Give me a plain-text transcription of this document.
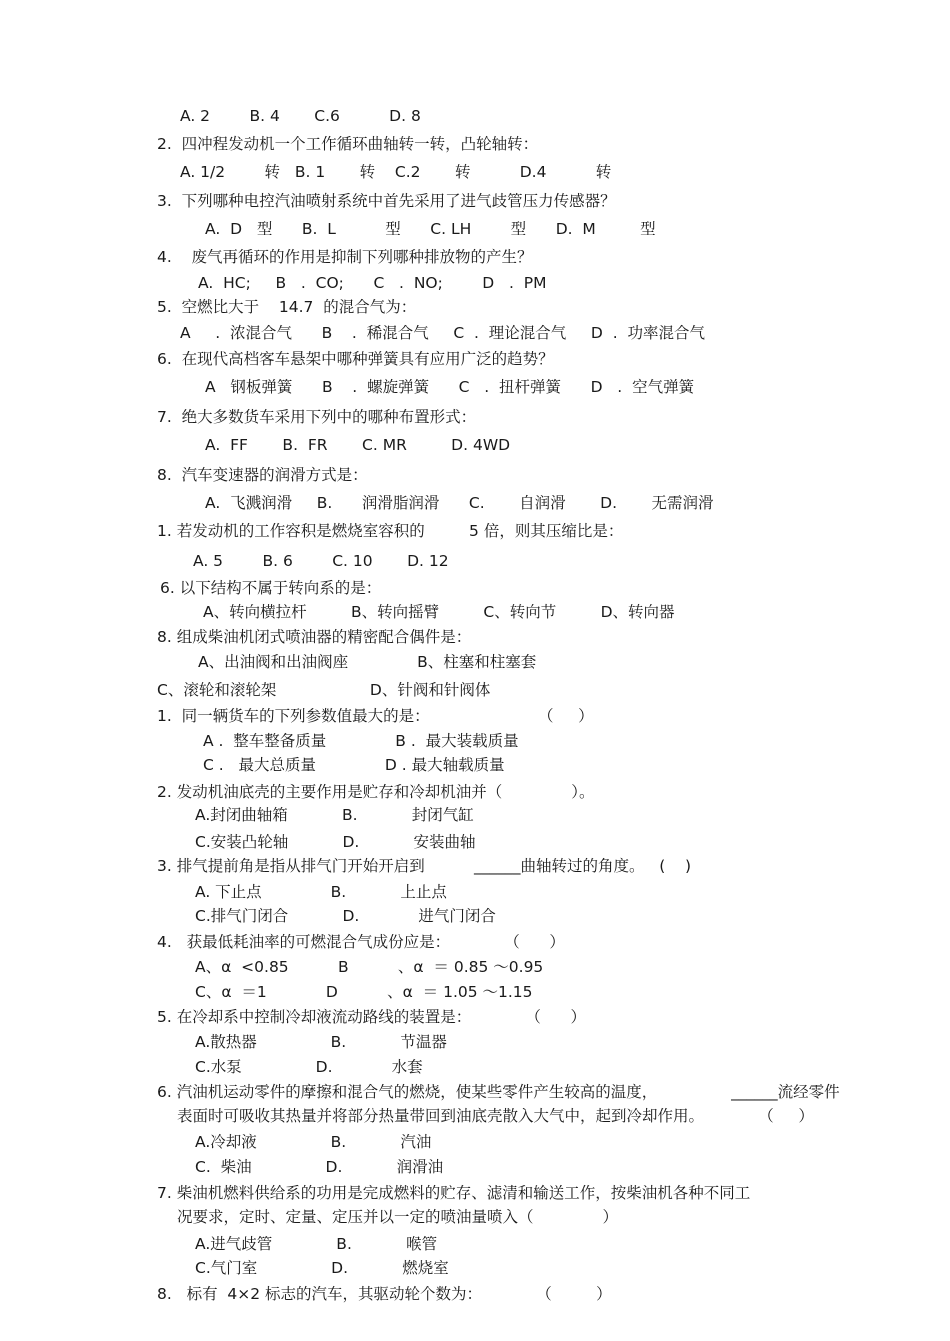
A. 2        B. 4       C.6          D. 8
2.  四冲程发动机一个工作循环曲轴转一转，凸轮轴转：
A. 1/2        转   B. 1       转    C.2       转          D.4          转
3.  下列哪种电控汽油喷射系统中首先采用了进气歧管压力传感器？
A.  D   型      B.  L          型      C. LH        型      D.  M         型
4.    废气再循环的作用是抑制下列哪种排放物的产生？
A.  HC;     B   .  CO;      C   .  NO;        D   .  PM
5.  空燃比大于    14.7  的混合气为：
A     .  浓混合气      B    .  稀混合气     C  .  理论混合气     D  .  功率混合气
6.  在现代高档客车悬架中哪种弹簧具有应用广泛的趋势？
A   钢板弹簧      B    .  螺旋弹簧      C   .  扭杆弹簧      D   .  空气弹簧
7.  绝大多数货车采用下列中的哪种布置形式：
A.  FF       B.  FR       C. MR         D. 4WD
8.  汽车变速器的润滑方式是：
A.  飞溅润滑     B.      润滑脂润滑      C.       自润滑       D.       无需润滑
1. 若发动机的工作容积是燃烧室容积的         5 倍，则其压缩比是：
A. 5        B. 6        C. 10       D. 12
6. 以下结构不属于转向系的是：
A、转向横拉杆         B、转向摇臂         C、转向节         D、转向器
8. 组成柴油机闭式喷油器的精密配合偶件是：
A、出油阀和出油阀座              B、柱塞和柱塞套
C、滚轮和滚轮架                   D、针阀和针阀体
1.  同一辆货车的下列参数值最大的是：                      （     ）
A .  整车整备质量              B .  最大装载质量
C .   最大总质量              D . 最大轴载质量
2. 发动机油底壳的主要作用是贮存和冷却机油并（              ）。
A.封闭曲轴箱           B.           封闭气缸
C.安装凸轮轴           D.           安装曲轴
3. 排气提前角是指从排气门开始开启到          ______曲轴转过的角度。   (    )
A. 下止点              B.           上止点
C.排气门闭合           D.            进气门闭合
4.   获最低耗油率的可燃混合气成份应是：           （      ）
A、α  <0.85          B          、α  ＝ 0.85 ～0.95
C、α  ＝1            D          、α  ＝ 1.05 ～1.15
5. 在冷却系中控制冷却液流动路线的装置是：           （      ）
A.散热器               B.           节温器
C.水泵               D.            水套
6. 汽油机运动零件的摩擦和混合气的燃烧，使某些零件产生较高的温度，               ______流经零件
表面时可吸收其热量并将部分热量带回到油底壳散入大气中，起到冷却作用。           （     ）
A.冷却液               B.           汽油
C.  柴油               D.           润滑油
7. 柴油机燃料供给系的功用是完成燃料的贮存、滤清和输送工作，按柴油机各种不同工
况要求，定时、定量、定压并以一定的喷油量喷入（              ）
A.进气歧管             B.           喉管
C.气门室               D.           燃烧室
8.   标有  4×2 标志的汽车，其驱动轮个数为：           （         ）
